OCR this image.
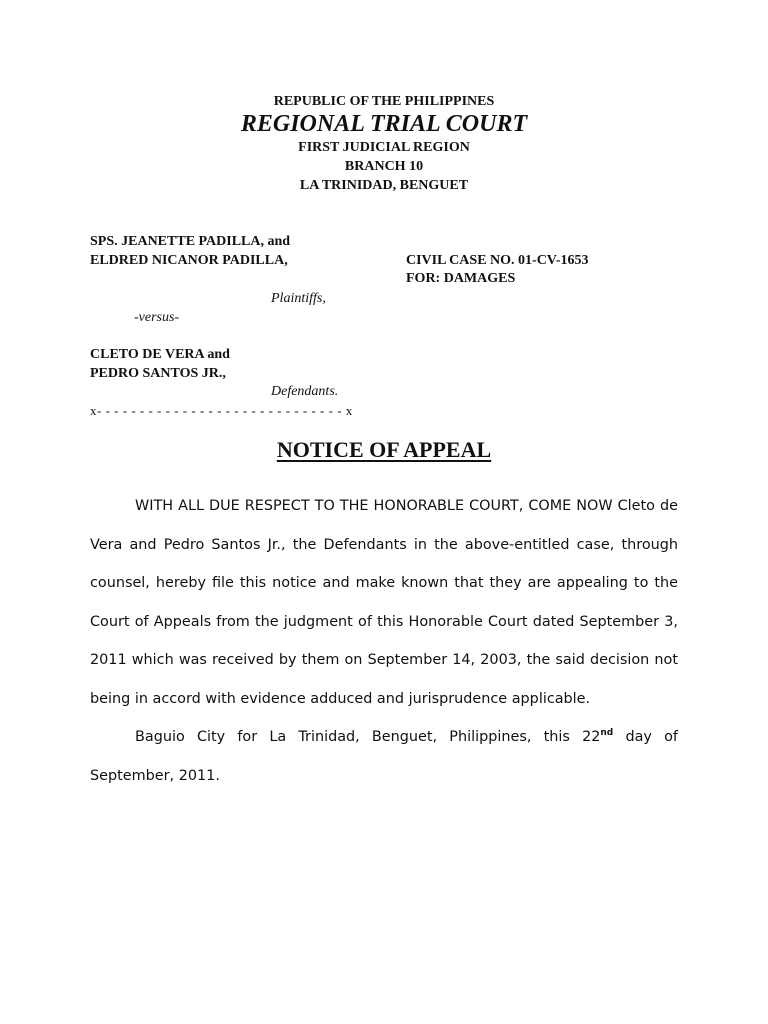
REPUBLIC OF THE PHILIPPINES
REGIONAL TRIAL COURT
FIRST JUDICIAL REGION
BRANCH 10
LA TRINIDAD, BENGUET
SPS. JEANETTE PADILLA, and
ELDRED NICANOR PADILLA,	CIVIL CASE NO. 01-CV-1653
FOR: DAMAGES
Plaintiffs,
-versus-
CLETO DE VERA and
PEDRO SANTOS JR.,
Defendants.
x- - - - - - - - - - - - - - - - - - - - - - - - - - - - - x
NOTICE OF APPEAL
WITH ALL DUE RESPECT TO THE HONORABLE COURT, COME NOW Cleto de Vera and Pedro Santos Jr., the Defendants in the above-entitled case, through counsel, hereby file this notice and make known that they are appealing to the Court of Appeals from the judgment of this Honorable Court dated September 3, 2011 which was received by them on September 14, 2003, the said decision not being in accord with evidence adduced and jurisprudence applicable.
Baguio City for La Trinidad, Benguet, Philippines, this 22nd day of September, 2011.
